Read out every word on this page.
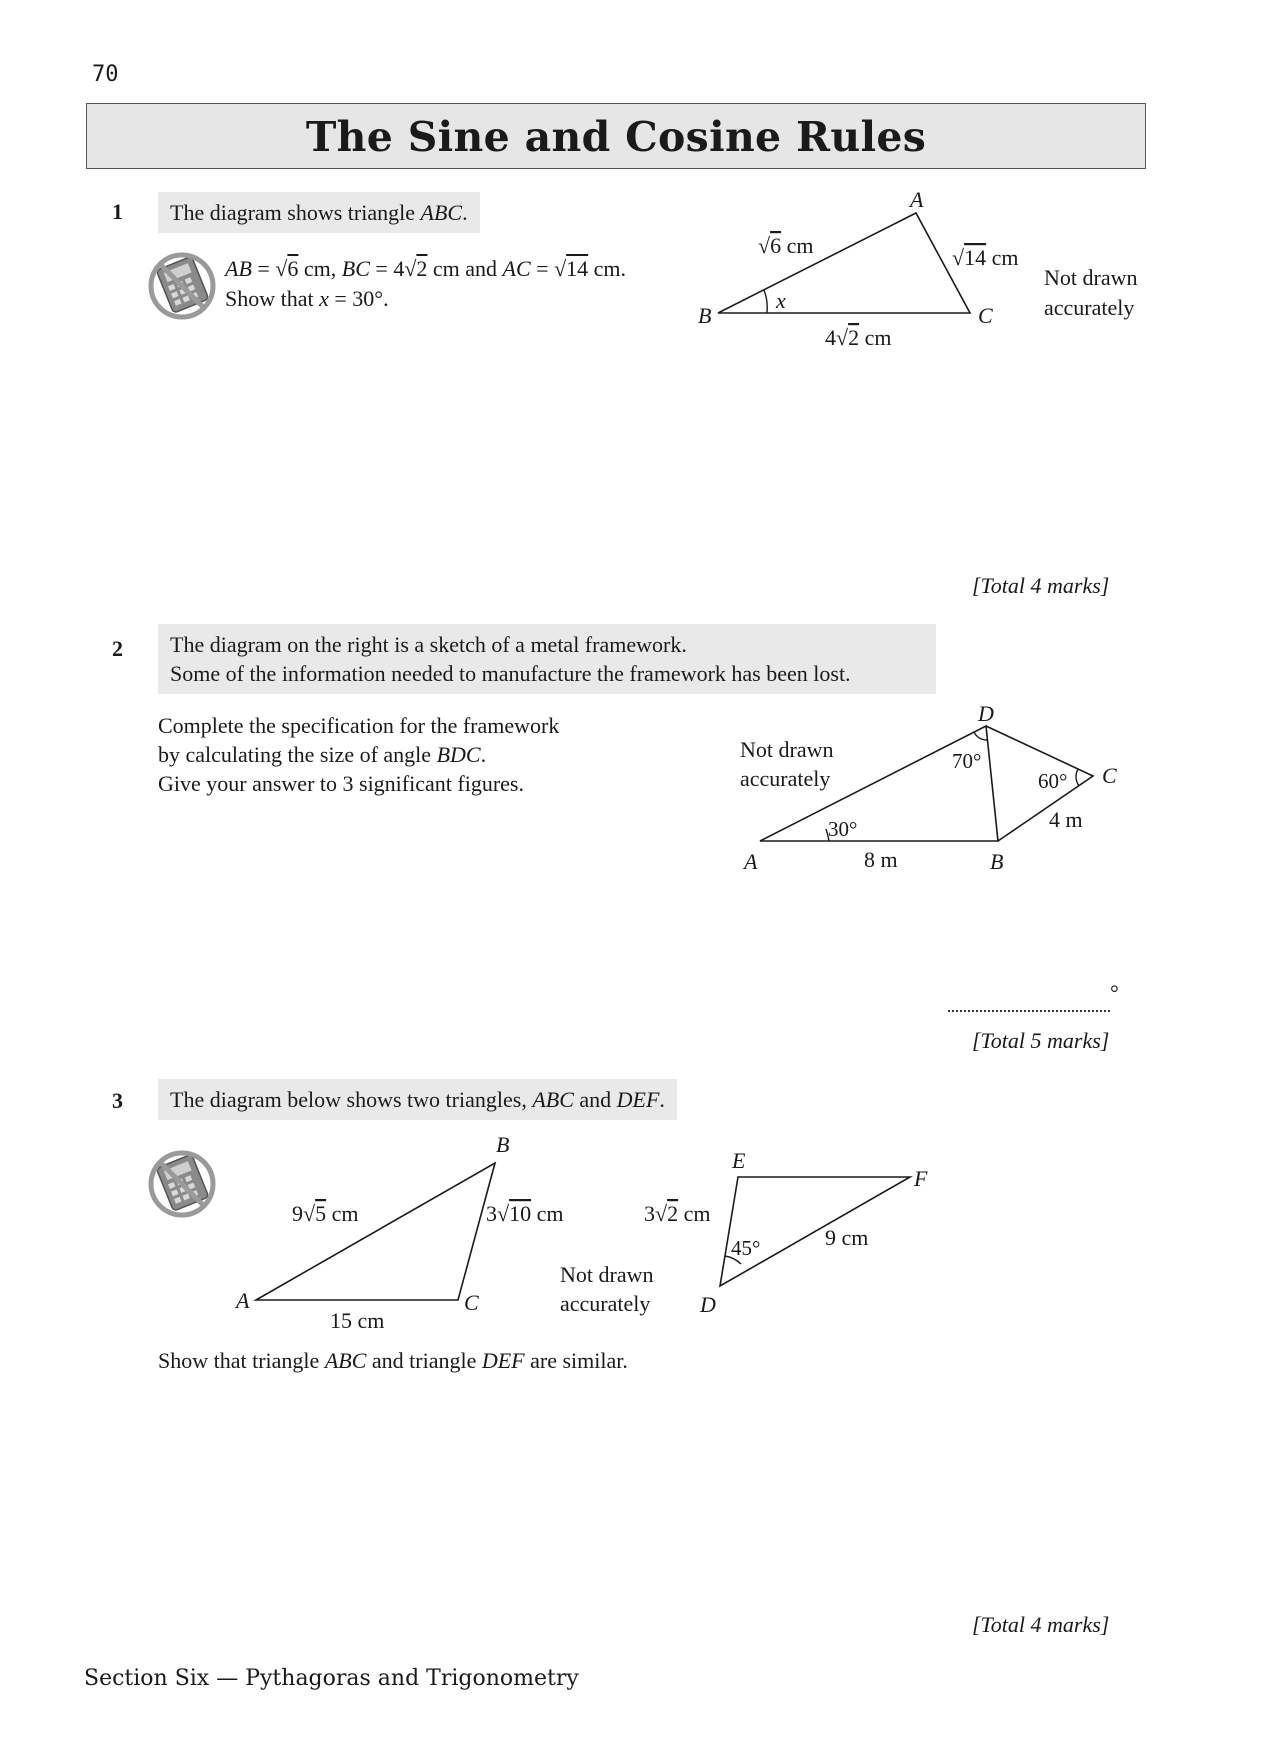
70
The Sine and Cosine Rules
1	The diagram shows triangle ABC.
AB = √6 cm, BC = 4√2 cm and AC = √14 cm.
Show that x = 30°.
A
B	C
x
√6 cm	√14 cm
4√2 cm
Not drawn
accurately
[Total 4 marks]
2 The diagram on the right is a sketch of a metal framework.
Some of the information needed to manufacture the framework has been lost.
Complete the specification for the framework
by calculating the size of angle BDC.
Give your answer to 3 significant figures.
Not drawn
accurately
D
C
A	B
70°
60°
30°
8 m
4 m
°
[Total 5 marks]
3	The diagram below shows two triangles, ABC and DEF.
A
B
C
9√5 cm	3√10 cm
15 cm
Not drawn
accurately
E
F
D
3√2 cm
9 cm
45°
Show that triangle ABC and triangle DEF are similar.
[Total 4 marks]
Section Six — Pythagoras and Trigonometry
